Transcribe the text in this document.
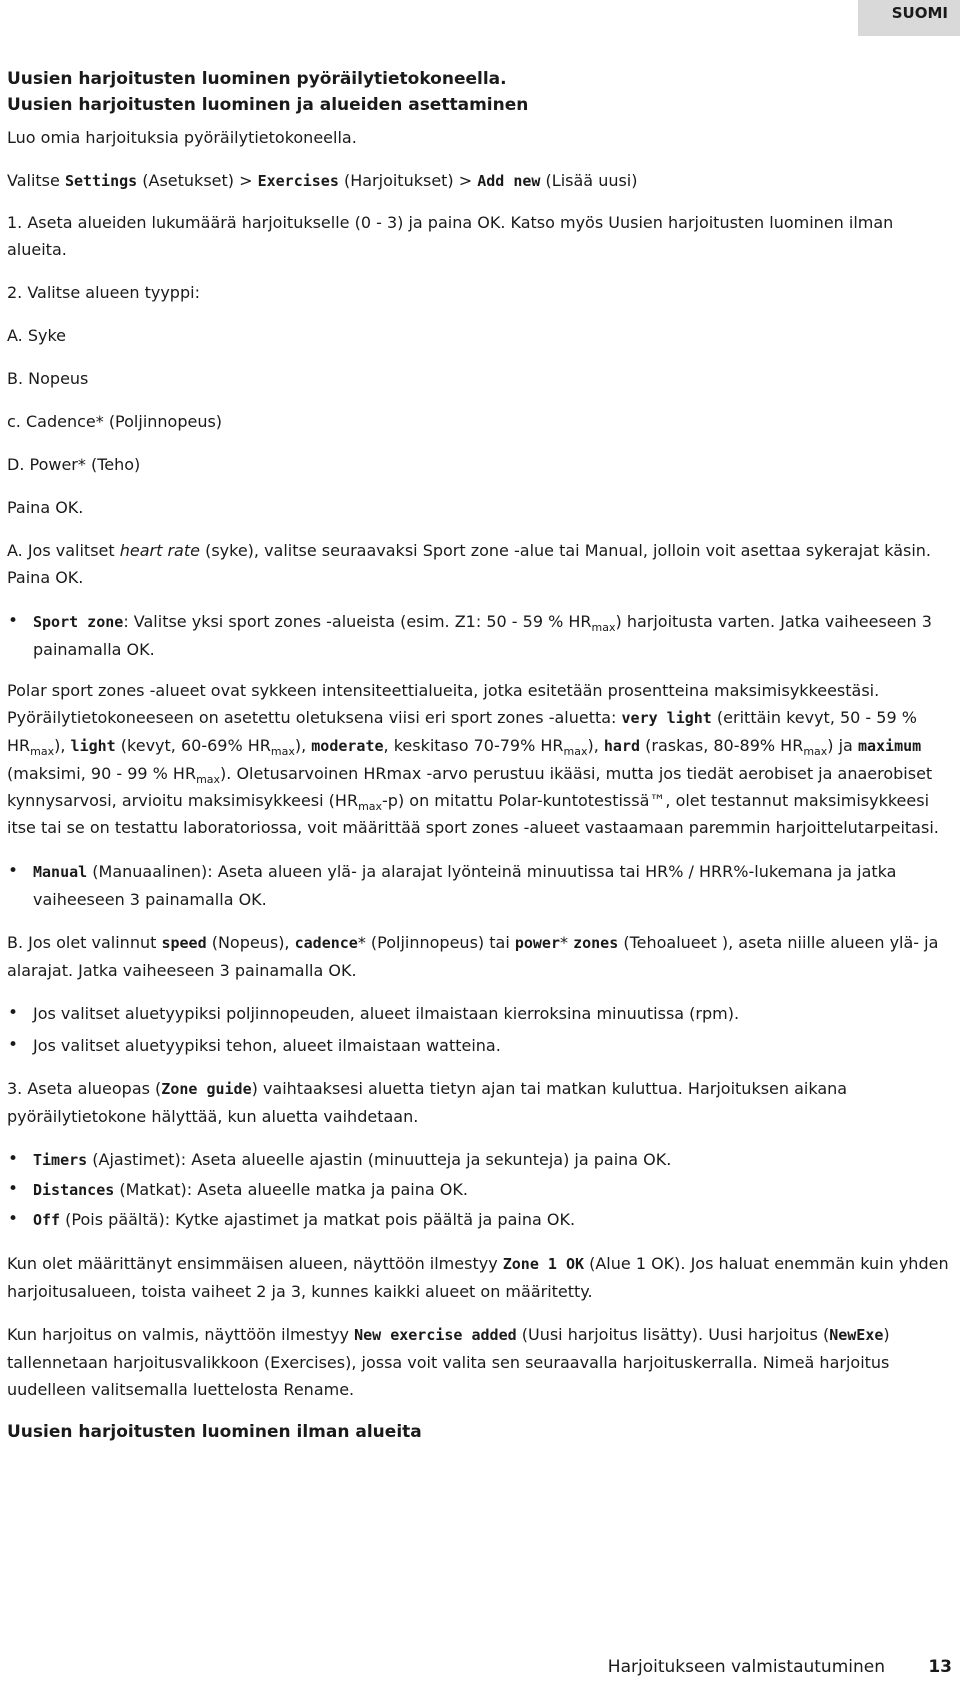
SUOMI

Uusien harjoitusten luominen pyöräilytietokoneella.

Uusien harjoitusten luominen ja alueiden asettaminen

Luo omia harjoituksia pyöräilytietokoneella.

Valitse Settings (Asetukset) > Exercises (Harjoitukset) > Add new (Lisää uusi)

1. Aseta alueiden lukumäärä harjoitukselle (0 - 3) ja paina OK. Katso myös Uusien harjoitusten luominen ilman alueita.

2. Valitse alueen tyyppi:

A. Syke

B. Nopeus

c. Cadence* (Poljinnopeus)

D. Power* (Teho)

Paina OK.

A. Jos valitset heart rate (syke), valitse seuraavaksi Sport zone -alue tai Manual, jolloin voit asettaa sykerajat käsin. Paina OK.

• Sport zone: Valitse yksi sport zones -alueista (esim. Z1: 50 - 59 % $HR_{max}$) harjoitusta varten. Jatka vaiheeseen 3 painamalla OK.

Polar sport zones -alueet ovat sykkeen intensiteettialueita, jotka esitetään prosentteina maksimisykkeestäsi. Pyöräilytietokoneeseen on asetettu oletuksena viisi eri sport zones -aluetta: very light (erittäin kevyt, 50 - 59 % $HR_{max}$), light (kevyt, 60-69% $HR_{max}$), moderate, keskitaso 70-79% $HR_{max}$), hard (raskas, 80-89% $HR_{max}$) ja maximum (maksimi, 90 - 99 % $HR_{max}$). Oletusarvoinen HRmax -arvo perustuu ikääsi, mutta jos tiedät aerobiset ja anaerobiset kynnysarvosi, arvioitu maksimisykkeesi $(HR_{max}-p)$ on mitattu Polar-kuntotestissä™, olet testannut maksimisykkeesi itse tai se on testattu laboratoriossa, voit määrittää sport zones -alueet vastaamaan paremmin harjoittelutarpeitasi.

• Manual (Manuaalinen): Aseta alueen ylä- ja alarajat lyönteinä minuutissa tai HR% / HRR%-lukemana ja jatka vaiheeseen 3 painamalla OK.

B. Jos olet valinnut speed (Nopeus), cadence* (Poljinnopeus) tai power* zones (Tehoalueet ), aseta niille alueen ylä- ja alarajat. Jatka vaiheeseen 3 painamalla OK.

• Jos valitset aluetyypiksi poljinnopeuden, alueet ilmaistaan kierroksina minuutissa (rpm).
• Jos valitset aluetyypiksi tehon, alueet ilmaistaan watteina.

3. Aseta alueopas (Zone guide) vaihtaaksesi aluetta tietyn ajan tai matkan kuluttua. Harjoituksen aikana pyöräilytietokone hälyttää, kun aluetta vaihdetaan.

• Timers (Ajastimet): Aseta alueelle ajastin (minuutteja ja sekunteja) ja paina OK.
• Distances (Matkat): Aseta alueelle matka ja paina OK.
• Off (Pois päältä): Kytke ajastimet ja matkat pois päältä ja paina OK.

Kun olet määrittänyt ensimmäisen alueen, näyttöön ilmestyy Zone 1 OK (Alue 1 OK). Jos haluat enemmän kuin yhden harjoitusalueen, toista vaiheet 2 ja 3, kunnes kaikki alueet on määritetty.

Kun harjoitus on valmis, näyttöön ilmestyy New exercise added (Uusi harjoitus lisätty). Uusi harjoitus (NewExe) tallennetaan harjoitusvalikkoon (Exercises), jossa voit valita sen seuraavalla harjoituskerralla. Nimeä harjoitus uudelleen valitsemalla luettelosta Rename.

Uusien harjoitusten luominen ilman alueita

Harjoitukseen valmistautuminen	13
